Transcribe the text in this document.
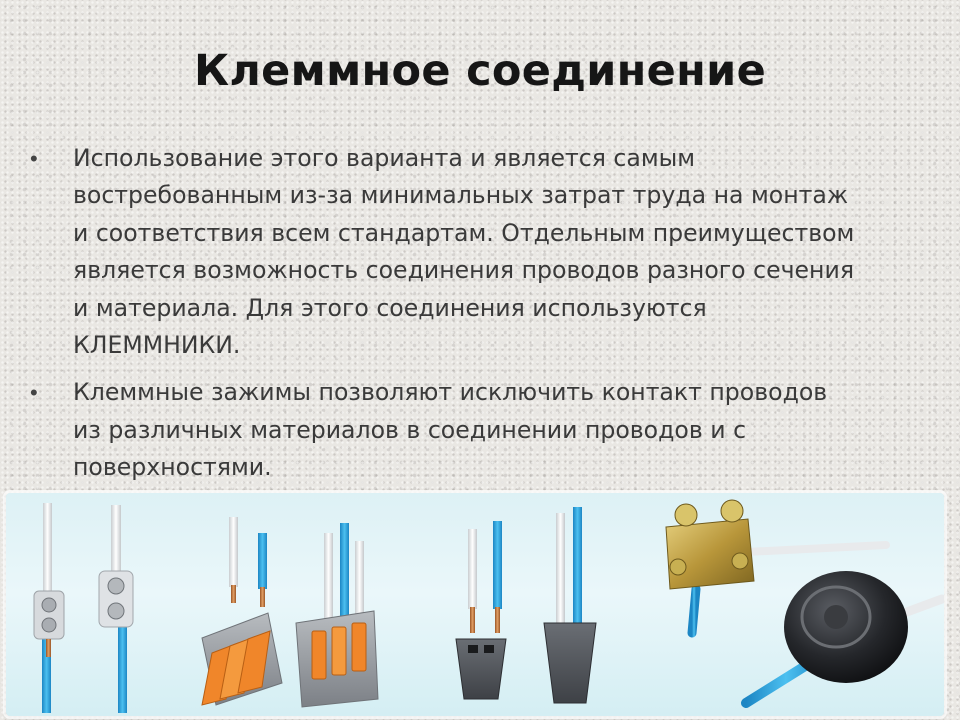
Клеммное соединение
• Использование этого варианта и является самым
востребованным из-за минимальных затрат труда на монтаж
и соответствия всем стандартам. Отдельным преимуществом
является возможность соединения проводов разного сечения
и материала. Для этого соединения используются
КЛЕММНИКИ.
• Клеммные зажимы позволяют исключить контакт проводов
из различных материалов в соединении проводов и с
поверхностями.
